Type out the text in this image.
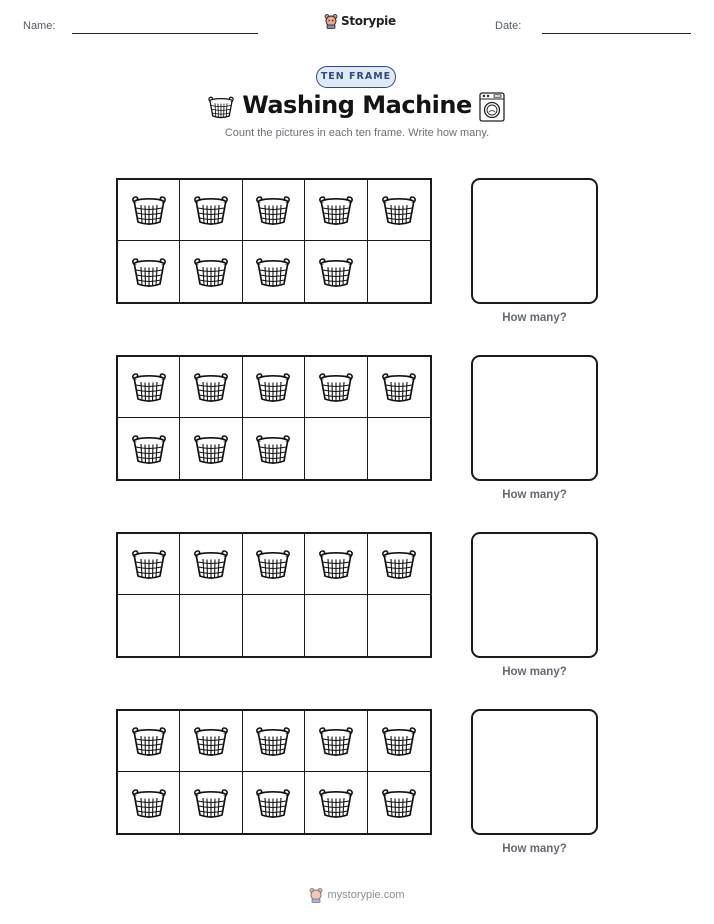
Name:	Storypie	Date:
TEN FRAME
Washing Machine
Count the pictures in each ten frame. Write how many.
How many?
How many?
How many?
How many?
mystorypie.com
